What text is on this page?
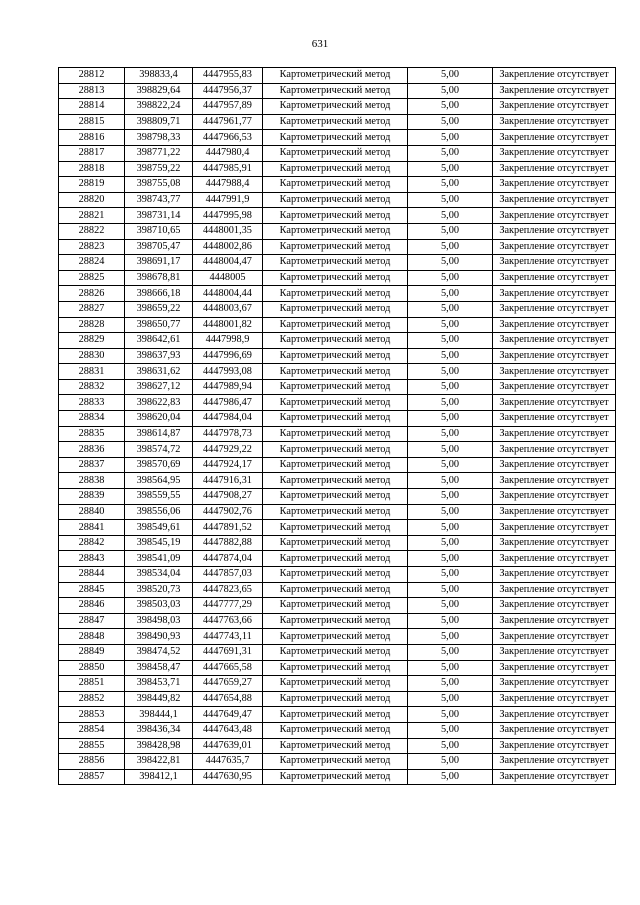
631
28812	398833,4	4447955,83	Картометрический метод	5,00	Закрепление отсутствует
28813	398829,64	4447956,37	Картометрический метод	5,00	Закрепление отсутствует
28814	398822,24	4447957,89	Картометрический метод	5,00	Закрепление отсутствует
28815	398809,71	4447961,77	Картометрический метод	5,00	Закрепление отсутствует
28816	398798,33	4447966,53	Картометрический метод	5,00	Закрепление отсутствует
28817	398771,22	4447980,4	Картометрический метод	5,00	Закрепление отсутствует
28818	398759,22	4447985,91	Картометрический метод	5,00	Закрепление отсутствует
28819	398755,08	4447988,4	Картометрический метод	5,00	Закрепление отсутствует
28820	398743,77	4447991,9	Картометрический метод	5,00	Закрепление отсутствует
28821	398731,14	4447995,98	Картометрический метод	5,00	Закрепление отсутствует
28822	398710,65	4448001,35	Картометрический метод	5,00	Закрепление отсутствует
28823	398705,47	4448002,86	Картометрический метод	5,00	Закрепление отсутствует
28824	398691,17	4448004,47	Картометрический метод	5,00	Закрепление отсутствует
28825	398678,81	4448005	Картометрический метод	5,00	Закрепление отсутствует
28826	398666,18	4448004,44	Картометрический метод	5,00	Закрепление отсутствует
28827	398659,22	4448003,67	Картометрический метод	5,00	Закрепление отсутствует
28828	398650,77	4448001,82	Картометрический метод	5,00	Закрепление отсутствует
28829	398642,61	4447998,9	Картометрический метод	5,00	Закрепление отсутствует
28830	398637,93	4447996,69	Картометрический метод	5,00	Закрепление отсутствует
28831	398631,62	4447993,08	Картометрический метод	5,00	Закрепление отсутствует
28832	398627,12	4447989,94	Картометрический метод	5,00	Закрепление отсутствует
28833	398622,83	4447986,47	Картометрический метод	5,00	Закрепление отсутствует
28834	398620,04	4447984,04	Картометрический метод	5,00	Закрепление отсутствует
28835	398614,87	4447978,73	Картометрический метод	5,00	Закрепление отсутствует
28836	398574,72	4447929,22	Картометрический метод	5,00	Закрепление отсутствует
28837	398570,69	4447924,17	Картометрический метод	5,00	Закрепление отсутствует
28838	398564,95	4447916,31	Картометрический метод	5,00	Закрепление отсутствует
28839	398559,55	4447908,27	Картометрический метод	5,00	Закрепление отсутствует
28840	398556,06	4447902,76	Картометрический метод	5,00	Закрепление отсутствует
28841	398549,61	4447891,52	Картометрический метод	5,00	Закрепление отсутствует
28842	398545,19	4447882,88	Картометрический метод	5,00	Закрепление отсутствует
28843	398541,09	4447874,04	Картометрический метод	5,00	Закрепление отсутствует
28844	398534,04	4447857,03	Картометрический метод	5,00	Закрепление отсутствует
28845	398520,73	4447823,65	Картометрический метод	5,00	Закрепление отсутствует
28846	398503,03	4447777,29	Картометрический метод	5,00	Закрепление отсутствует
28847	398498,03	4447763,66	Картометрический метод	5,00	Закрепление отсутствует
28848	398490,93	4447743,11	Картометрический метод	5,00	Закрепление отсутствует
28849	398474,52	4447691,31	Картометрический метод	5,00	Закрепление отсутствует
28850	398458,47	4447665,58	Картометрический метод	5,00	Закрепление отсутствует
28851	398453,71	4447659,27	Картометрический метод	5,00	Закрепление отсутствует
28852	398449,82	4447654,88	Картометрический метод	5,00	Закрепление отсутствует
28853	398444,1	4447649,47	Картометрический метод	5,00	Закрепление отсутствует
28854	398436,34	4447643,48	Картометрический метод	5,00	Закрепление отсутствует
28855	398428,98	4447639,01	Картометрический метод	5,00	Закрепление отсутствует
28856	398422,81	4447635,7	Картометрический метод	5,00	Закрепление отсутствует
28857	398412,1	4447630,95	Картометрический метод	5,00	Закрепление отсутствует
